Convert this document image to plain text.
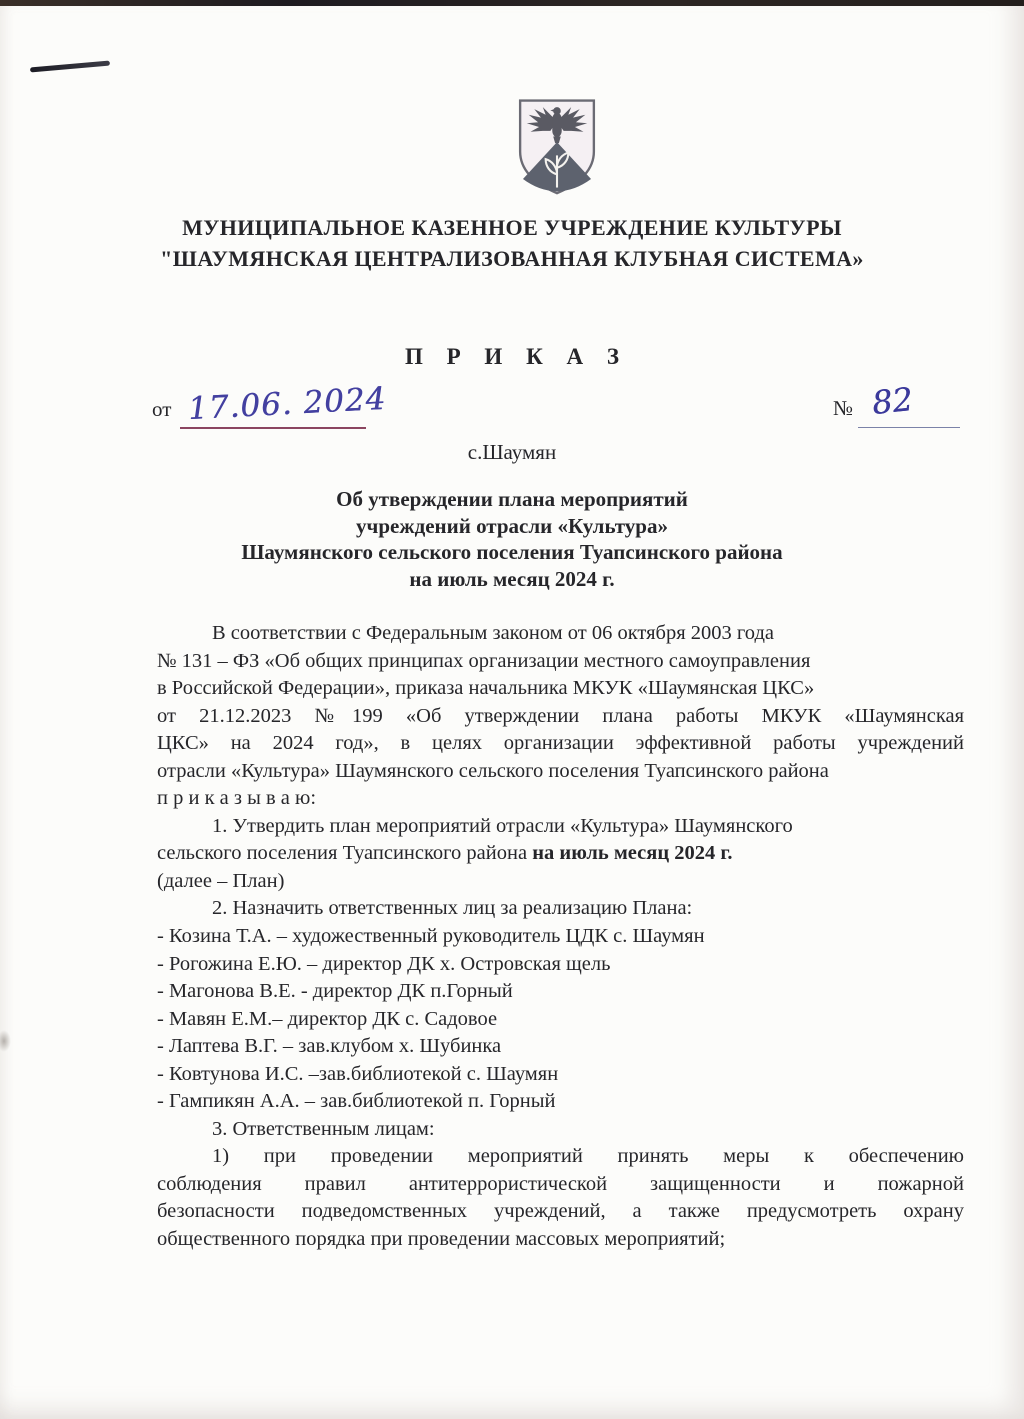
МУНИЦИПАЛЬНОЕ КАЗЕННОЕ УЧРЕЖДЕНИЕ КУЛЬТУРЫ
"ШАУМЯНСКАЯ ЦЕНТРАЛИЗОВАННАЯ КЛУБНАЯ СИСТЕМА»
П Р И К А З
от 17.06. 2024	№ 82
с.Шаумян
Об утверждении плана мероприятий
учреждений отрасли «Культура»
Шаумянского сельского поселения Туапсинского района
на июль месяц 2024 г.
В соответствии с Федеральным законом от 06 октября 2003 года
№ 131 – ФЗ «Об общих принципах организации местного самоуправления
в Российской Федерации», приказа начальника МКУК «Шаумянская ЦКС»
от 21.12.2023 №199 «Об утверждении плана работы МКУК «Шаумянская
ЦКС» на 2024 год», в целях организации эффективной работы учреждений
отрасли «Культура» Шаумянского сельского поселения Туапсинского района
п р и к а з ы в а ю:
1. Утвердить план мероприятий отрасли «Культура» Шаумянского
сельского поселения Туапсинского района на июль месяц 2024 г.
(далее – План)
2. Назначить ответственных лиц за реализацию Плана:
- Козина Т.А. – художественный руководитель ЦДК с. Шаумян
- Рогожина Е.Ю. – директор ДК х. Островская щель
- Магонова В.Е. - директор ДК п.Горный
- Мавян Е.М.– директор ДК с. Садовое
- Лаптева В.Г. – зав.клубом х. Шубинка
- Ковтунова И.С. –зав.библиотекой с. Шаумян
- Гампикян А.А. – зав.библиотекой п. Горный
3. Ответственным лицам:
1) при проведении мероприятий принять меры к обеспечению
соблюдения правил антитеррористической защищенности и пожарной
безопасности подведомственных учреждений, а также предусмотреть охрану
общественного порядка при проведении массовых мероприятий;
